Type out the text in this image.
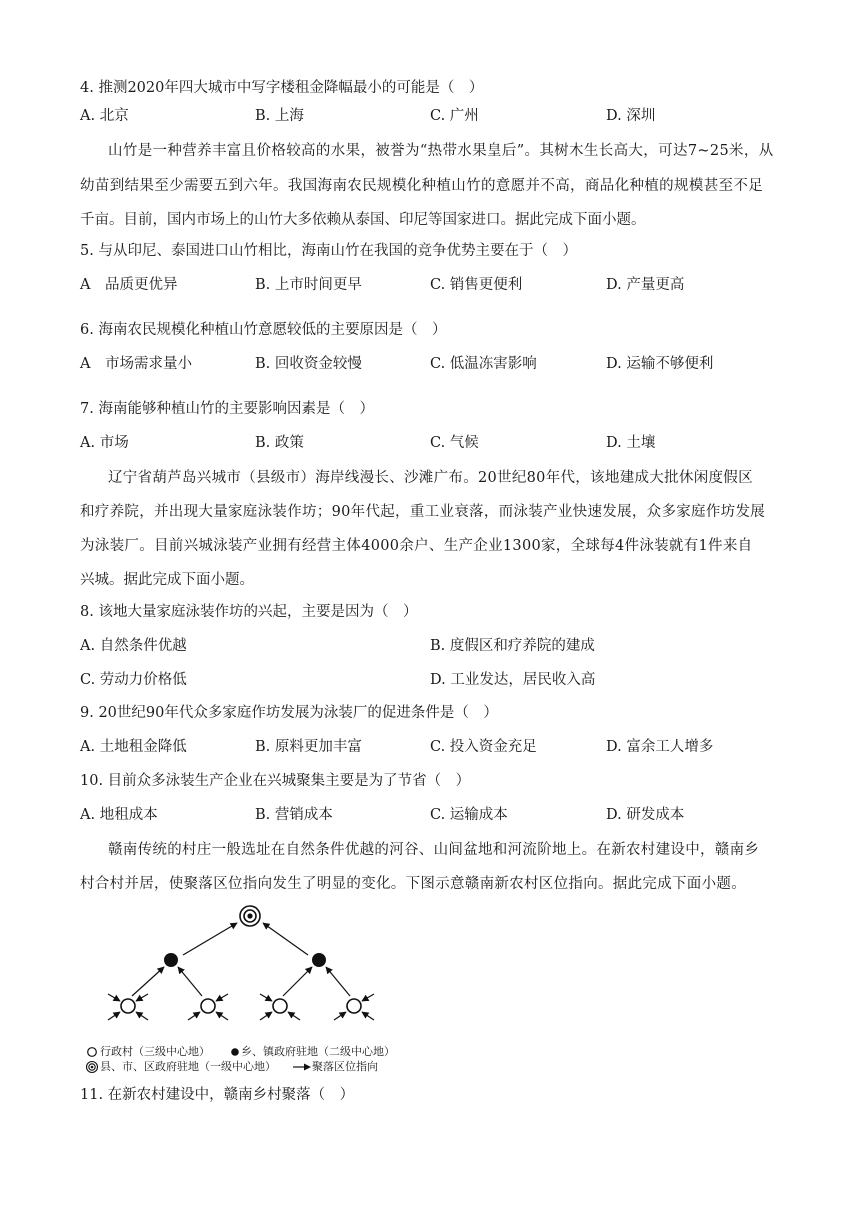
4. 推测2020年四大城市中写字楼租金降幅最小的可能是（　）
A. 北京	B. 上海	C. 广州	D. 深圳
山竹是一种营养丰富且价格较高的水果，被誉为“热带水果皇后”。其树木生长高大，可达7~25米，从
幼苗到结果至少需要五到六年。我国海南农民规模化种植山竹的意愿并不高，商品化种植的规模甚至不足
千亩。目前，国内市场上的山竹大多依赖从泰国、印尼等国家进口。据此完成下面小题。
5. 与从印尼、泰国进口山竹相比，海南山竹在我国的竞争优势主要在于（　）
A　品质更优异	B. 上市时间更早	C. 销售更便利	D. 产量更高
6. 海南农民规模化种植山竹意愿较低的主要原因是（　）
A　市场需求量小	B. 回收资金较慢	C. 低温冻害影响	D. 运输不够便利
7. 海南能够种植山竹的主要影响因素是（　）
A. 市场	B. 政策	C. 气候	D. 土壤
辽宁省葫芦岛兴城市（县级市）海岸线漫长、沙滩广布。20世纪80年代，该地建成大批休闲度假区
和疗养院，并出现大量家庭泳装作坊；90年代起，重工业衰落，而泳装产业快速发展，众多家庭作坊发展
为泳装厂。目前兴城泳装产业拥有经营主体4000余户、生产企业1300家，全球每4件泳装就有1件来自
兴城。据此完成下面小题。
8. 该地大量家庭泳装作坊的兴起，主要是因为（　）
A. 自然条件优越	B. 度假区和疗养院的建成
C. 劳动力价格低	D. 工业发达，居民收入高
9. 20世纪90年代众多家庭作坊发展为泳装厂的促进条件是（　）
A. 土地租金降低	B. 原料更加丰富	C. 投入资金充足	D. 富余工人增多
10. 目前众多泳装生产企业在兴城聚集主要是为了节省（　）
A. 地租成本	B. 营销成本	C. 运输成本	D. 研发成本
赣南传统的村庄一般选址在自然条件优越的河谷、山间盆地和河流阶地上。在新农村建设中，赣南乡
村合村并居，使聚落区位指向发生了明显的变化。下图示意赣南新农村区位指向。据此完成下面小题。
行政村（三级中心地）	乡、镇政府驻地（二级中心地）
县、市、区政府驻地（一级中心地）	聚落区位指向
11. 在新农村建设中，赣南乡村聚落（　）
